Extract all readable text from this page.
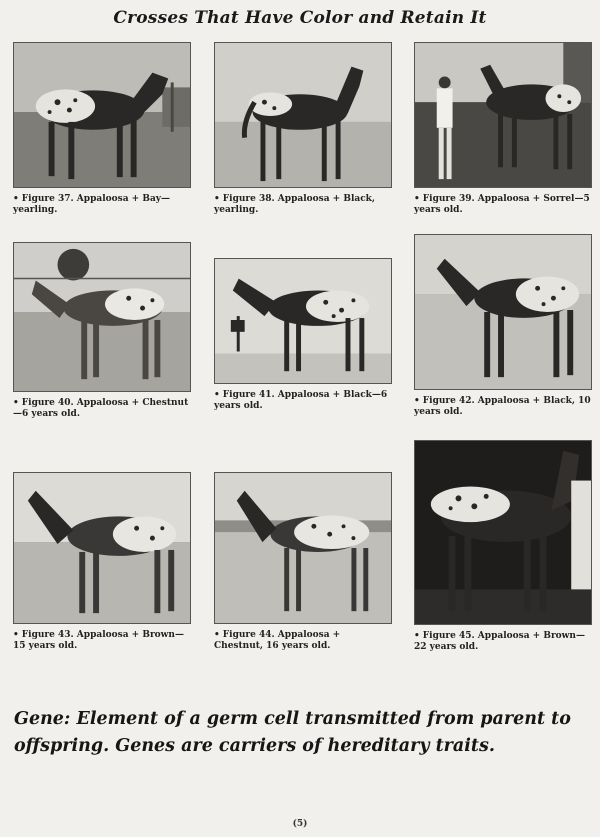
Crosses That Have Color and Retain It
• Figure 37. Appaloosa + Bay—yearling.
• Figure 38. Appaloosa + Black, yearling.
• Figure 39. Appaloosa + Sorrel—5 years old.
• Figure 40. Appaloosa + Chestnut—6 years old.
• Figure 41. Appaloosa + Black—6 years old.	• Figure 42. Appaloosa + Black, 10 years old.
• Figure 43. Appaloosa + Brown—15 years old.
• Figure 44. Appaloosa + Chestnut, 16 years old.
• Figure 45. Appaloosa + Brown—22 years old.
Gene: Element of a germ cell transmitted from parent to offspring. Genes are carriers of hereditary traits.
(5)
